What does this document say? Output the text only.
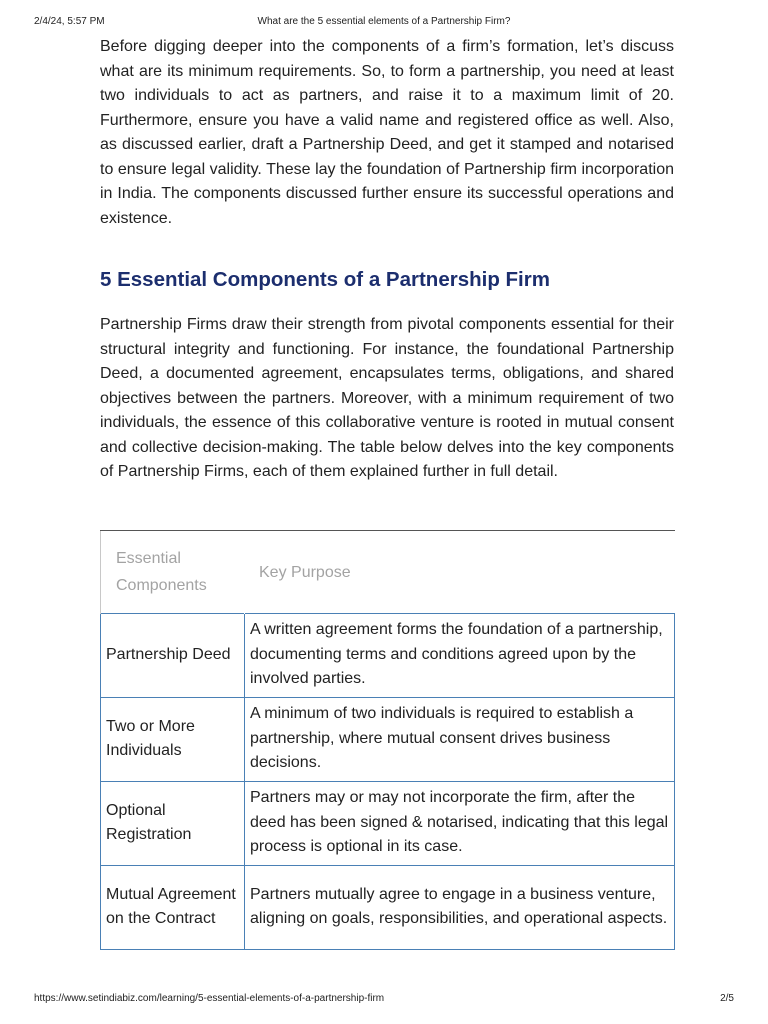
2/4/24, 5:57 PM	What are the 5 essential elements of a Partnership Firm?

Before digging deeper into the components of a firm’s formation, let’s discuss what are its minimum requirements. So, to form a partnership, you need at least two individuals to act as partners, and raise it to a maximum limit of 20. Furthermore, ensure you have a valid name and registered office as well. Also, as discussed earlier, draft a Partnership Deed, and get it stamped and notarised to ensure legal validity. These lay the foundation of Partnership firm incorporation in India. The components discussed further ensure its successful operations and existence.

5 Essential Components of a Partnership Firm

Partnership Firms draw their strength from pivotal components essential for their structural integrity and functioning. For instance, the foundational Partnership Deed, a documented agreement, encapsulates terms, obligations, and shared objectives between the partners. Moreover, with a minimum requirement of two individuals, the essence of this collaborative venture is rooted in mutual consent and collective decision-making. The table below delves into the key components of Partnership Firms, each of them explained further in full detail.

Essential Components	Key Purpose
Partnership Deed	A written agreement forms the foundation of a partnership, documenting terms and conditions agreed upon by the involved parties.
Two or More Individuals	A minimum of two individuals is required to establish a partnership, where mutual consent drives business decisions.
Optional Registration	Partners may or may not incorporate the firm, after the deed has been signed & notarised, indicating that this legal process is optional in its case.
Mutual Agreement on the Contract	Partners mutually agree to engage in a business venture, aligning on goals, responsibilities, and operational aspects.
https://www.setindiabiz.com/learning/5-essential-elements-of-a-partnership-firm	2/5
